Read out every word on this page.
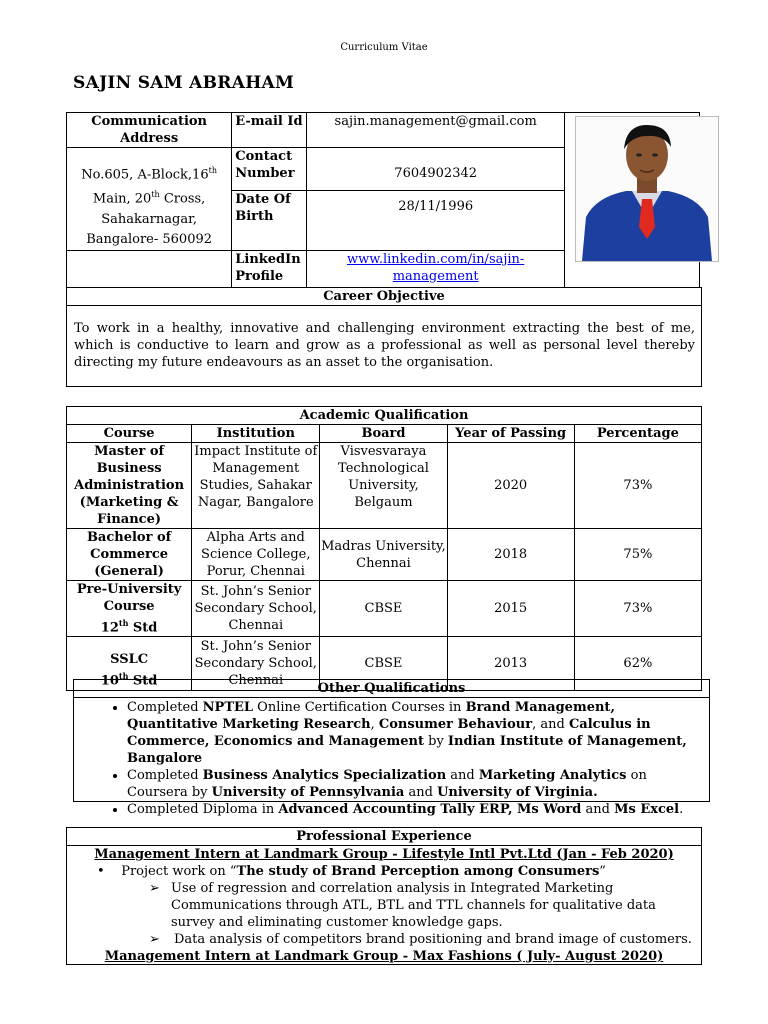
Curriculum Vitae
SAJIN SAM ABRAHAM
Communication Address	E-mail Id	sajin.management@gmail.com	

No.605, A-Block,16th
Main, 20th Cross,
Sahakarnagar,
Bangalore- 560092	Contact Number	7604902342	
	Date Of Birth	28/11/1996	
	LinkedIn Profile	www.linkedin.com/in/sajin-management	
Career Objective

To work in a healthy, innovative and challenging environment extracting the best of me, which is conductive to learn and grow as a professional as well as personal level thereby directing my future endeavours as an asset to the organisation.

Academic Qualification				
Course	Institution	Board	Year of Passing	Percentage
Master of Business Administration (Marketing & Finance)	Impact Institute of Management Studies, Sahakar Nagar, Bangalore	Visvesvaraya Technological University, Belgaum	2020	73%
Bachelor of Commerce (General)	Alpha Arts and Science College, Porur, Chennai	Madras University, Chennai	2018	75%
Pre-University Course
12th Std	St. John’s Senior Secondary School, Chennai	CBSE	2015	73%
SSLC
10th Std	St. John’s Senior Secondary School, Chennai	CBSE	2013	62%
Other Qualifications
• Completed NPTEL Online Certification Courses in Brand Management, Quantitative Marketing Research, Consumer Behaviour, and Calculus in Commerce, Economics and Management by Indian Institute of Management, Bangalore
• Completed Business Analytics Specialization and Marketing Analytics on Coursera by University of Pennsylvania and University of Virginia.
• Completed Diploma in Advanced Accounting Tally ERP, Ms Word and Ms Excel.
Professional Experience
Management Intern at Landmark Group - Lifestyle Intl Pvt.Ltd (Jan - Feb 2020)
•    Project work on “The study of Brand Perception among Consumers”
➢ Use of regression and correlation analysis in Integrated Marketing Communications through ATL, BTL and TTL channels for qualitative data survey and eliminating customer knowledge gaps.
➢	Data analysis of competitors brand positioning and brand image of customers.
Management Intern at Landmark Group - Max Fashions ( July- August 2020)
